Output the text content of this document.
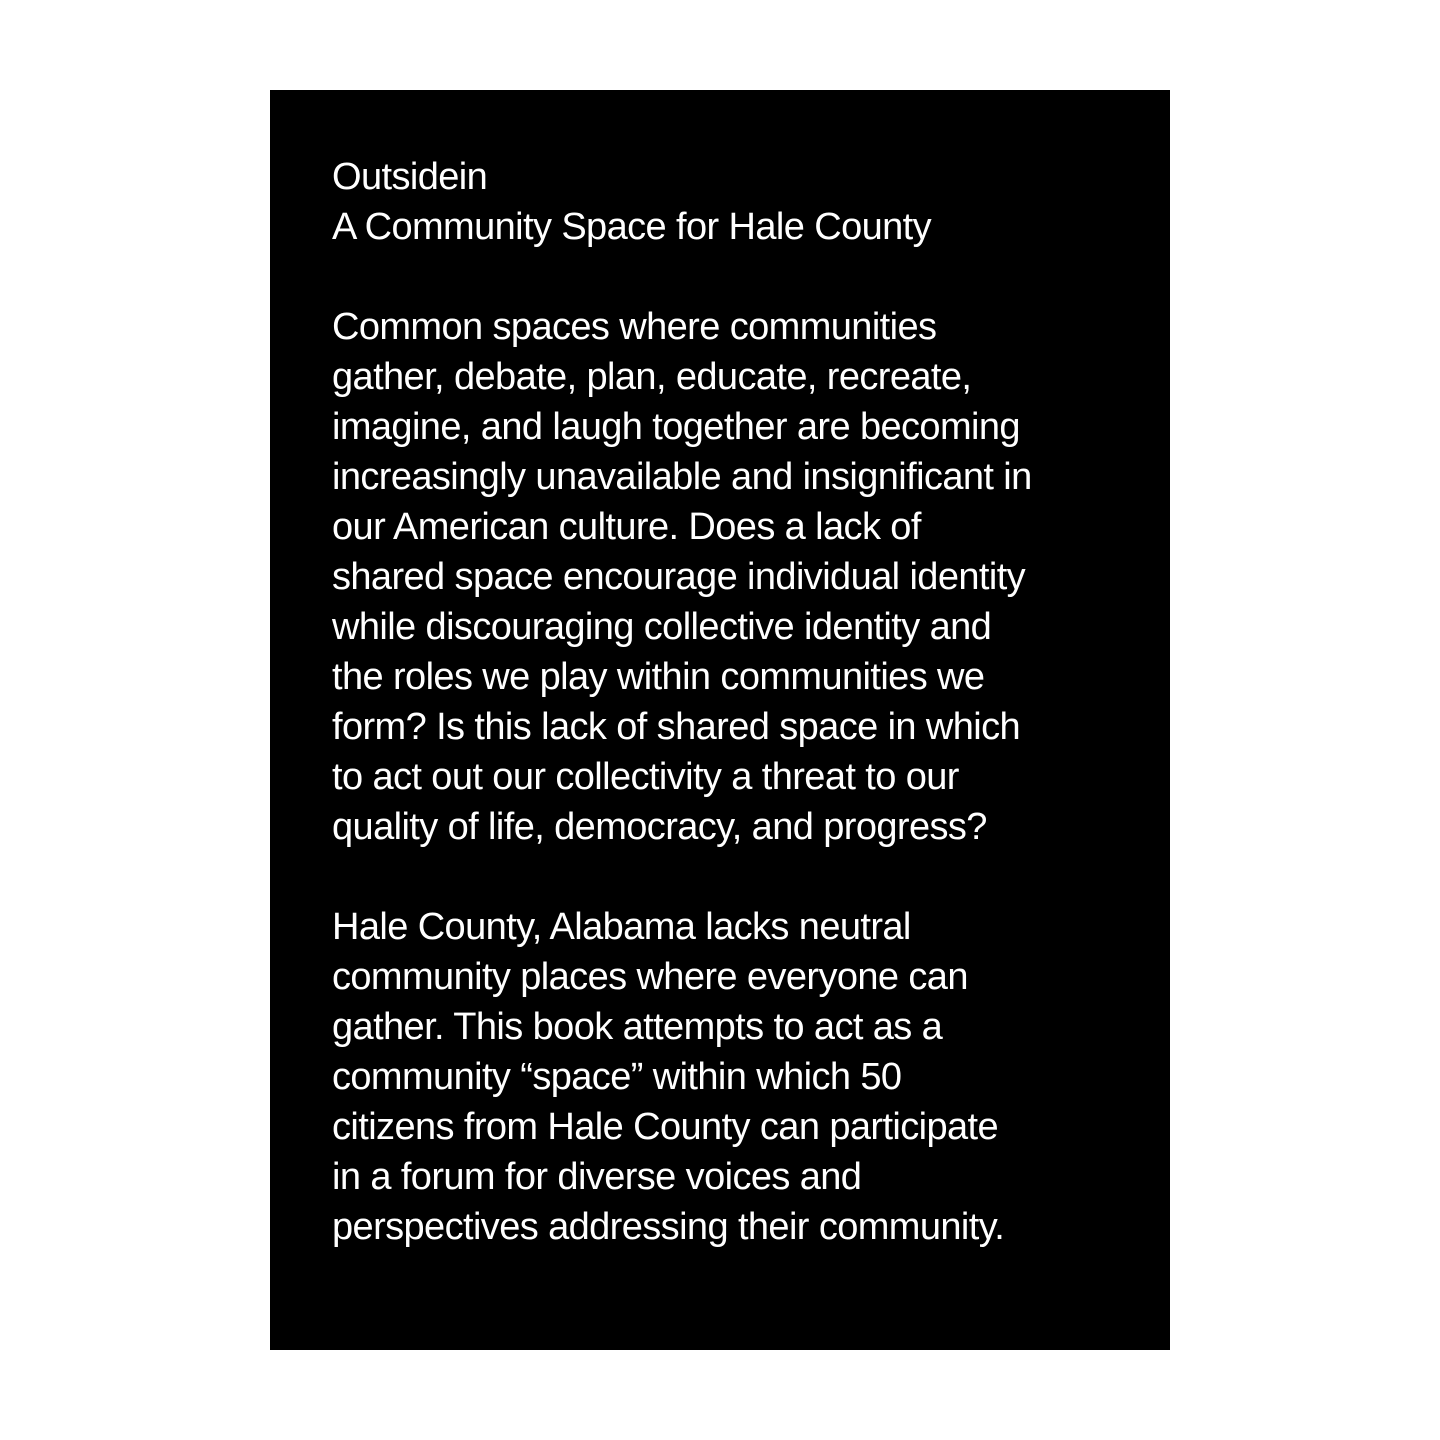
Outsidein
A Community Space for Hale County
Common spaces where communities
gather, debate, plan, educate, recreate,
imagine, and laugh together are becoming
increasingly unavailable and insignificant in
our American culture. Does a lack of
shared space encourage individual identity
while discouraging collective identity and
the roles we play within communities we
form? Is this lack of shared space in which
to act out our collectivity a threat to our
quality of life, democracy, and progress?
Hale County, Alabama lacks neutral
community places where everyone can
gather. This book attempts to act as a
community “space” within which 50
citizens from Hale County can participate
in a forum for diverse voices and
perspectives addressing their community.
